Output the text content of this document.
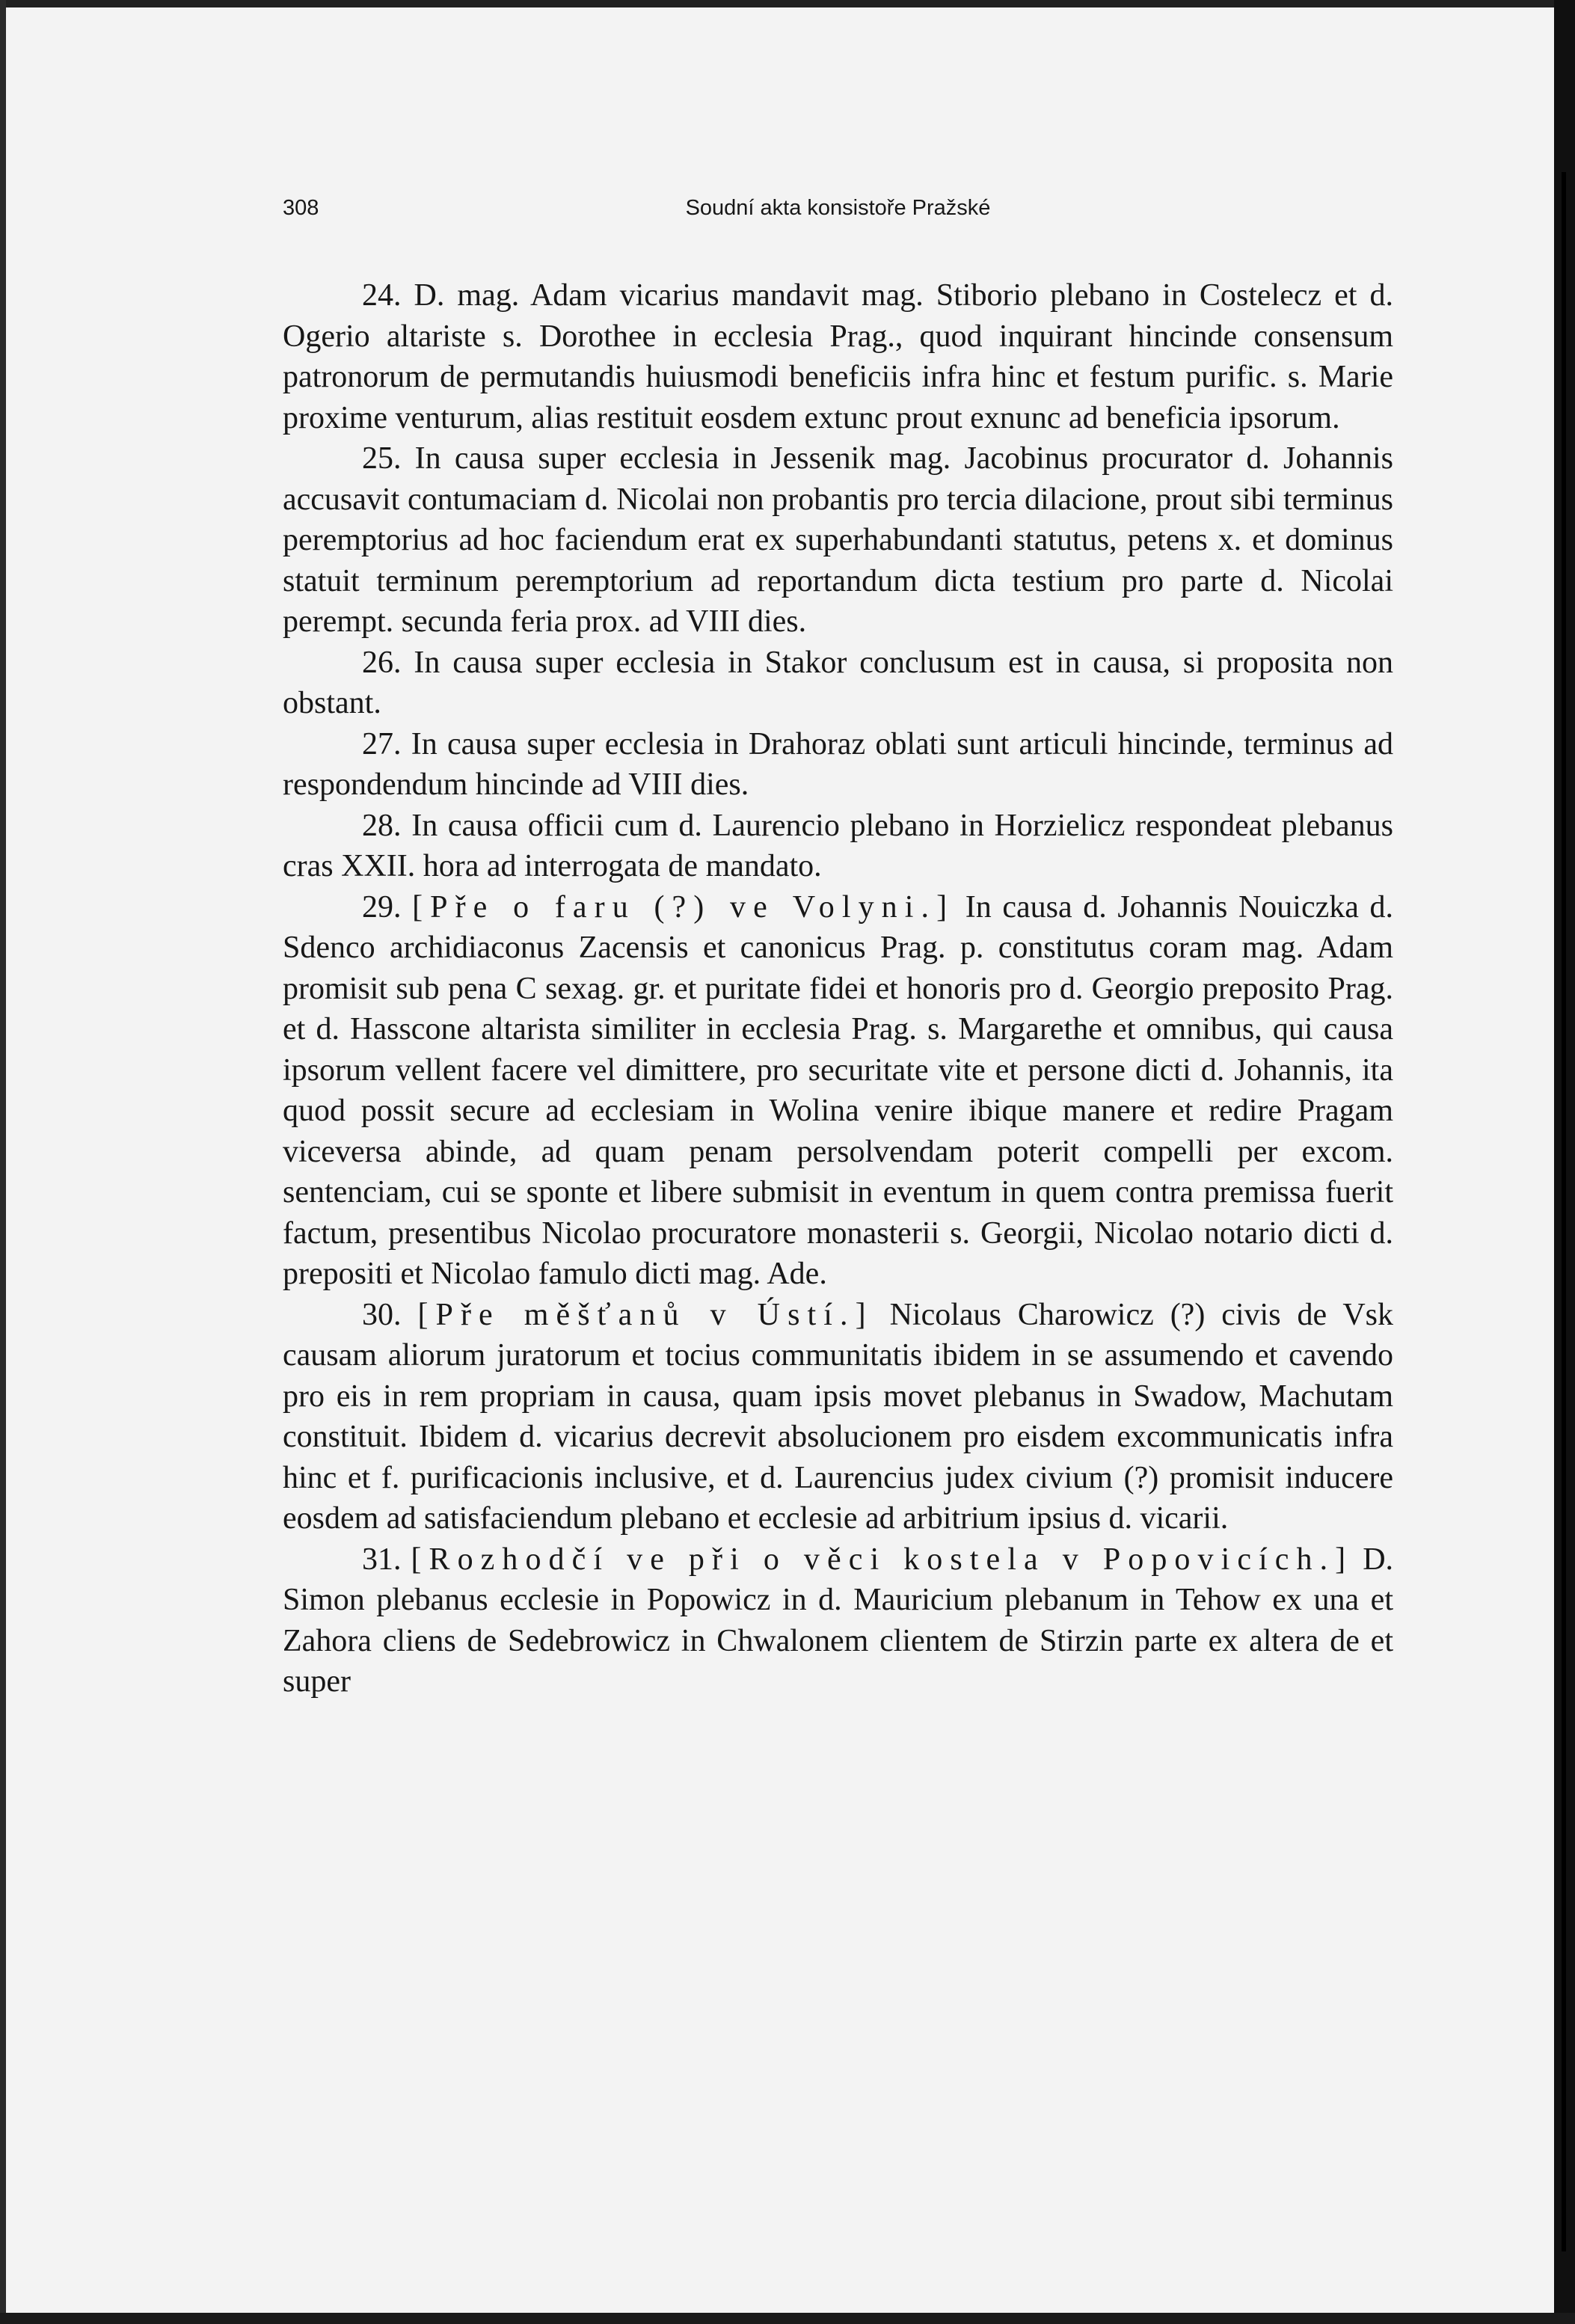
308	Soudní akta konsistoře Pražské

24. D. mag. Adam vicarius mandavit mag. Stiborio plebano in Costelecz et d. Ogerio altariste s. Dorothee in ecclesia Prag., quod inquirant hincinde consensum patronorum de permutandis huiusmodi beneficiis infra hinc et festum purific. s. Marie proxime venturum, alias restituit eosdem extunc prout exnunc ad beneficia ipsorum.

25. In causa super ecclesia in Jessenik mag. Jacobinus procurator d. Johannis accusavit contumaciam d. Nicolai non probantis pro tercia dilacione, prout sibi terminus peremptorius ad hoc faciendum erat ex superhabundanti statutus, petens x. et dominus statuit terminum peremptorium ad reportandum dicta testium pro parte d. Nicolai perempt. secunda feria prox. ad VIII dies.

26. In causa super ecclesia in Stakor conclusum est in causa, si proposita non obstant.

27. In causa super ecclesia in Drahoraz oblati sunt articuli hincinde, terminus ad respondendum hincinde ad VIII dies.

28. In causa officii cum d. Laurencio plebano in Horzielicz respondeat plebanus cras XXII. hora ad interrogata de mandato.

29. [Pře o faru (?) ve Volyni.] In causa d. Johannis Nouiczka d. Sdenco archidiaconus Zacensis et canonicus Prag. p. constitutus coram mag. Adam promisit sub pena C sexag. gr. et puritate fidei et honoris pro d. Georgio preposito Prag. et d. Hasscone altarista similiter in ecclesia Prag. s. Margarethe et omnibus, qui causa ipsorum vellent facere vel dimittere, pro securitate vite et persone dicti d. Johannis, ita quod possit secure ad ecclesiam in Wolina venire ibique manere et redire Pragam viceversa abinde, ad quam penam persolvendam poterit compelli per excom. sentenciam, cui se sponte et libere submisit in eventum in quem contra premissa fuerit factum, presentibus Nicolao procuratore monasterii s. Georgii, Nicolao notario dicti d. prepositi et Nicolao famulo dicti mag. Ade.

30. [Pře měšťanů v Ústí.] Nicolaus Charowicz (?) civis de Vsk causam aliorum juratorum et tocius communitatis ibidem in se assumendo et cavendo pro eis in rem propriam in causa, quam ipsis movet plebanus in Swadow, Machutam constituit. Ibidem d. vicarius decrevit absolucionem pro eisdem excommunicatis infra hinc et f. purificacionis inclusive, et d. Laurencius judex civium (?) promisit inducere eosdem ad satisfaciendum plebano et ecclesie ad arbitrium ipsius d. vicarii.

31. [Rozhodčí ve při o věci kostela v Popovicích.] D. Simon plebanus ecclesie in Popowicz in d. Mauricium plebanum in Tehow ex una et Zahora cliens de Sedebrowicz in Chwalonem clientem de Stirzin parte ex altera de et super
